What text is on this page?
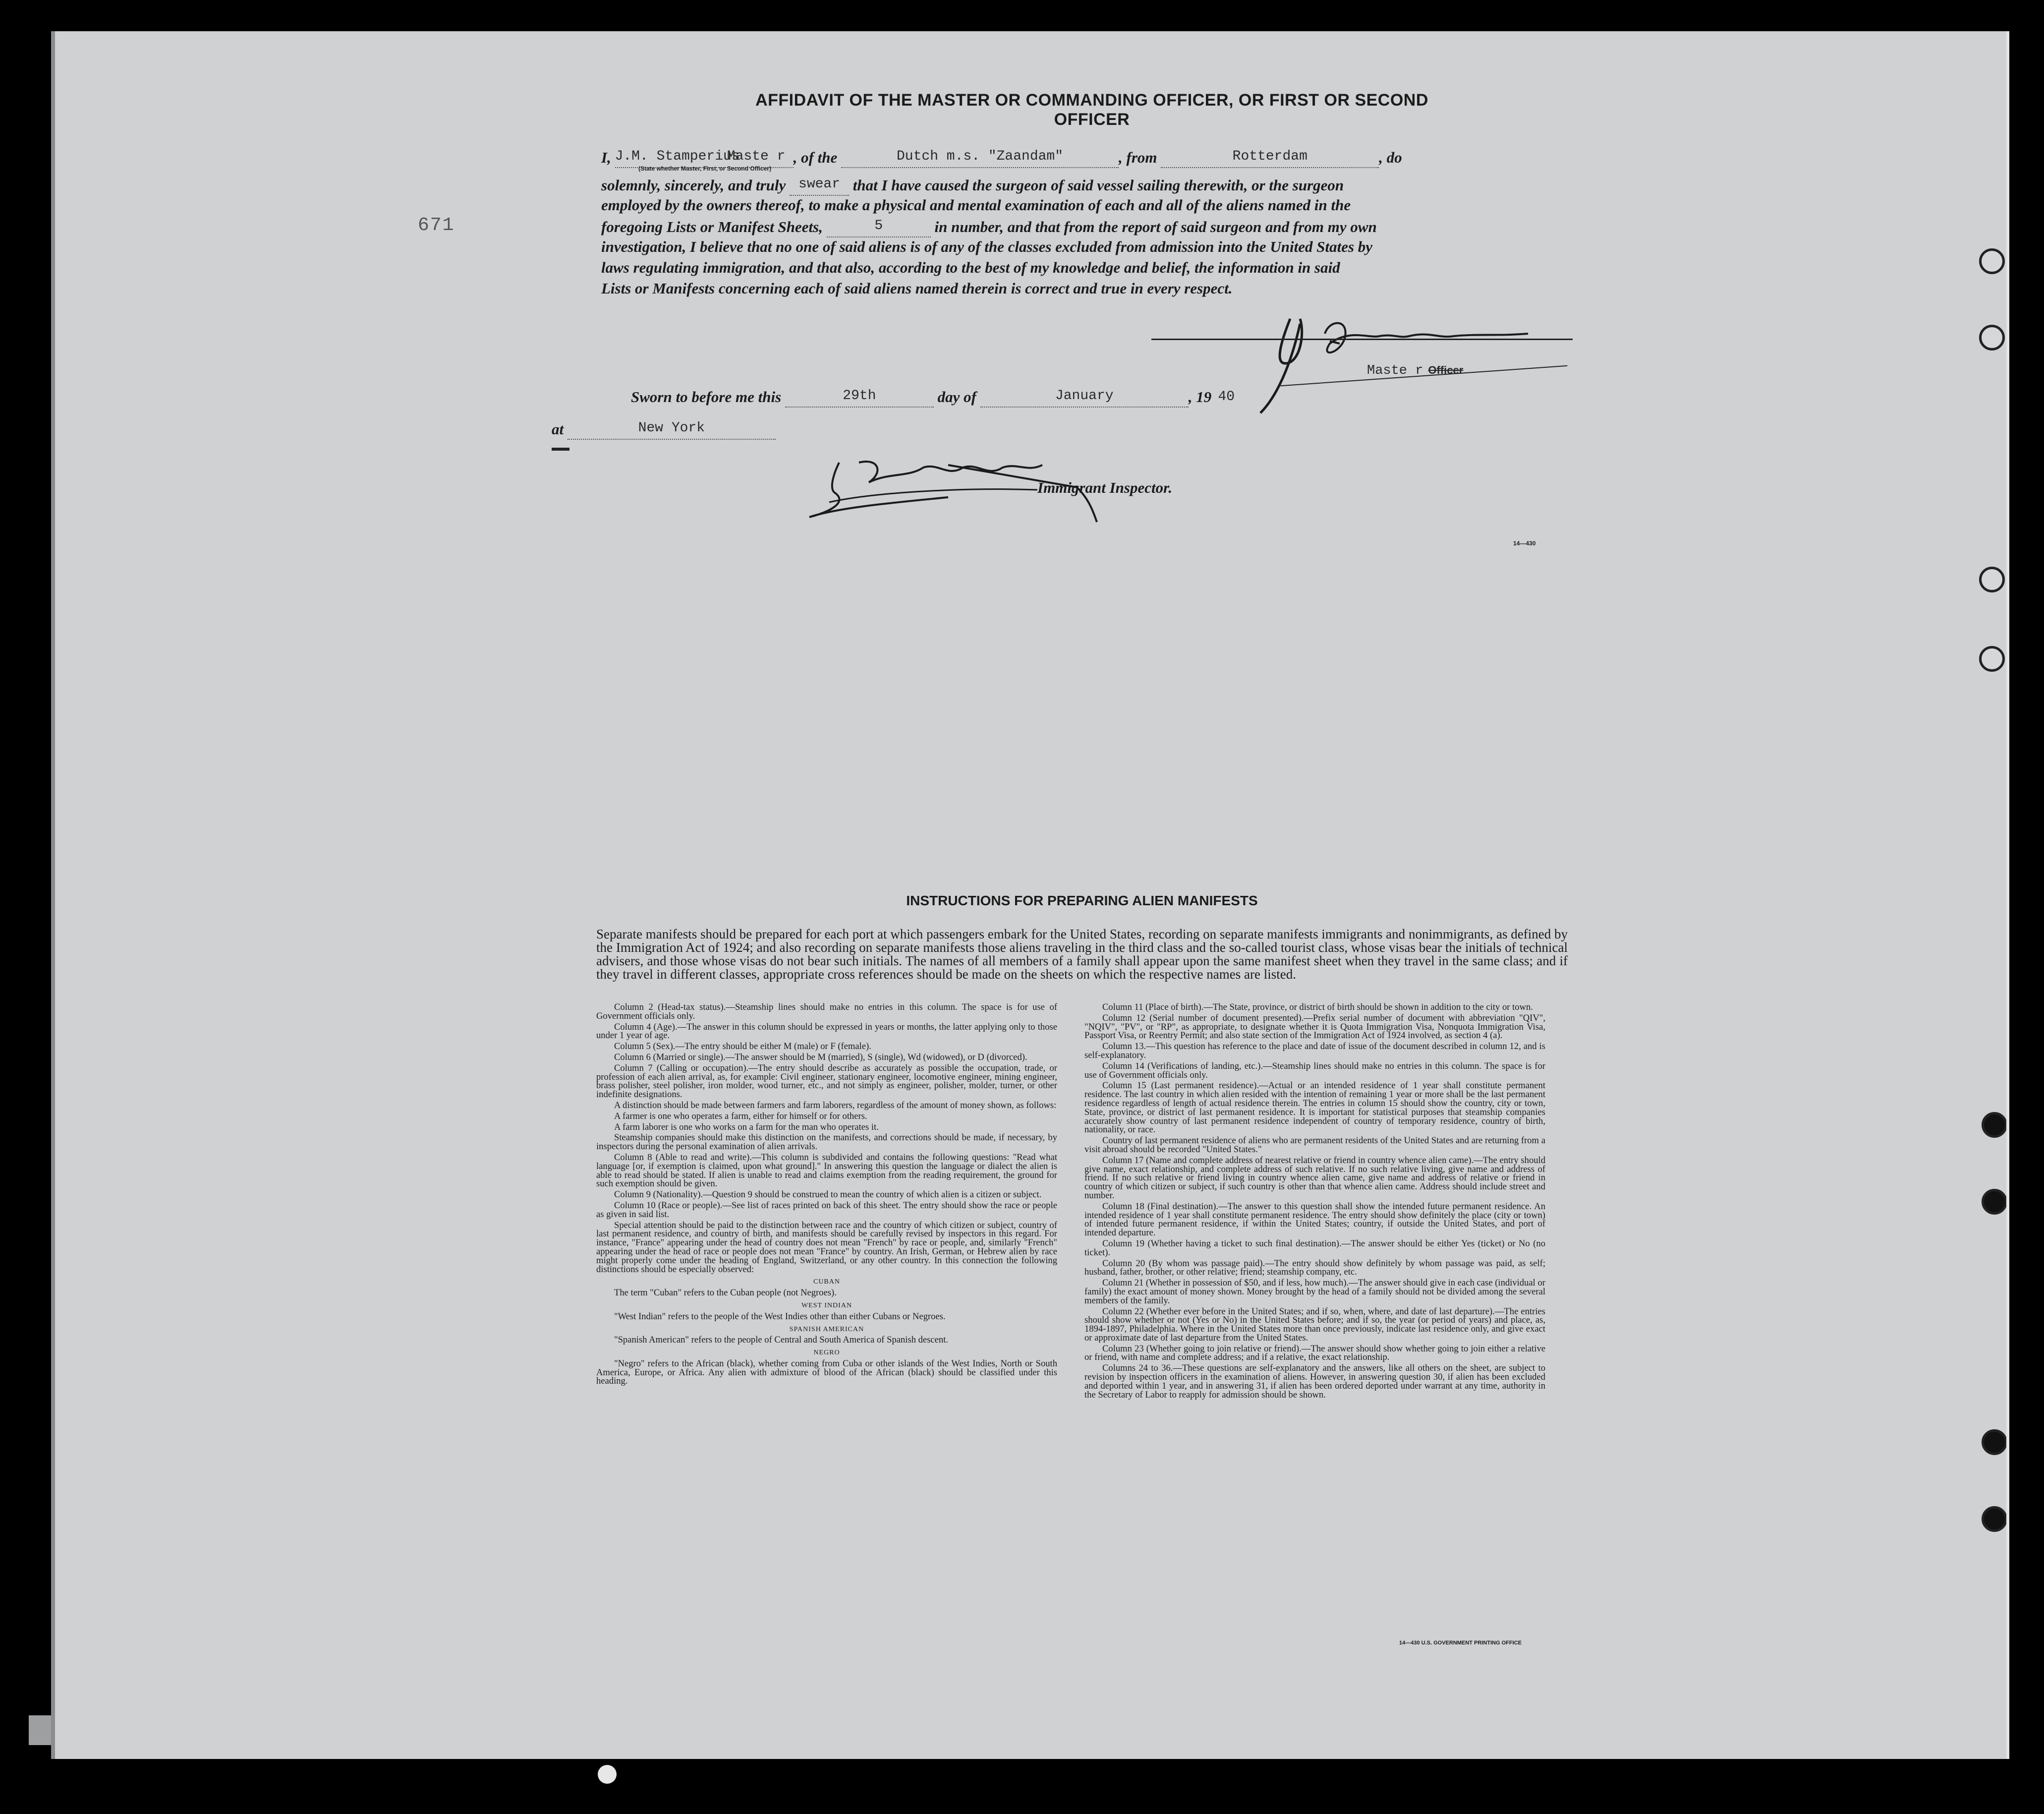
671
AFFIDAVIT OF THE MASTER OR COMMANDING OFFICER, OR FIRST OR SECOND OFFICER
I, J.M. StamperiusMaste r , of the	Dutch m.s. "Zaandam"	, from	Rotterdam	, do
(State whether Master, First, or Second Officer)
solemnly, sincerely, and truly swear that I have caused the surgeon of said vessel sailing therewith, or the surgeon
employed by the owners thereof, to make a physical and mental examination of each and all of the aliens named in the
foregoing Lists or Manifest Sheets,	5	in number, and that from the report of said surgeon and from my own
investigation, I believe that no one of said aliens is of any of the classes excluded from admission into the United States by
laws regulating immigration, and that also, according to the best of my knowledge and belief, the information in said
Lists or Manifests concerning each of said aliens named therein is correct and true in every respect.
Maste r Officer
Sworn to before me this	29th	day of	January	, 19 40
at	New York
Immigrant Inspector.
14—430
INSTRUCTIONS FOR PREPARING ALIEN MANIFESTS
Separate manifests should be prepared for each port at which passengers embark for the United States, recording on separate manifests immigrants and nonimmigrants, as defined by the Immigration Act of 1924; and also recording on separate manifests those aliens traveling in the third class and the so-called tourist class, whose visas bear the initials of technical advisers, and those whose visas do not bear such initials. The names of all members of a family shall appear upon the same manifest sheet when they travel in the same class; and if they travel in different classes, appropriate cross references should be made on the sheets on which the respective names are listed.

Column 2 (Head-tax status).—Steamship lines should make no entries in this column. The space is for use of Government officials only.

Column 4 (Age).—The answer in this column should be expressed in years or months, the latter applying only to those under 1 year of age.

Column 5 (Sex).—The entry should be either M (male) or F (female).

Column 6 (Married or single).—The answer should be M (married), S (single), Wd (widowed), or D (divorced).

Column 7 (Calling or occupation).—The entry should describe as accurately as possible the occupation, trade, or profession of each alien arrival, as, for example: Civil engineer, stationary engineer, locomotive engineer, mining engineer, brass polisher, steel polisher, iron molder, wood turner, etc., and not simply as engineer, polisher, molder, turner, or other indefinite designations.

A distinction should be made between farmers and farm laborers, regardless of the amount of money shown, as follows:

A farmer is one who operates a farm, either for himself or for others.

A farm laborer is one who works on a farm for the man who operates it.

Steamship companies should make this distinction on the manifests, and corrections should be made, if necessary, by inspectors during the personal examination of alien arrivals.

Column 8 (Able to read and write).—This column is subdivided and contains the following questions: "Read what language [or, if exemption is claimed, upon what ground]." In answering this question the language or dialect the alien is able to read should be stated. If alien is unable to read and claims exemption from the reading requirement, the ground for such exemption should be given.

Column 9 (Nationality).—Question 9 should be construed to mean the country of which alien is a citizen or subject.

Column 10 (Race or people).—See list of races printed on back of this sheet. The entry should show the race or people as given in said list.

Special attention should be paid to the distinction between race and the country of which citizen or subject, country of last permanent residence, and country of birth, and manifests should be carefully revised by inspectors in this regard. For instance, "France" appearing under the head of country does not mean "French" by race or people, and, similarly "French" appearing under the head of race or people does not mean "France" by country. An Irish, German, or Hebrew alien by race might properly come under the heading of England, Switzerland, or any other country. In this connection the following distinctions should be especially observed:

CUBAN

The term "Cuban" refers to the Cuban people (not Negroes).

WEST INDIAN

"West Indian" refers to the people of the West Indies other than either Cubans or Negroes.

SPANISH AMERICAN

"Spanish American" refers to the people of Central and South America of Spanish descent.

NEGRO

"Negro" refers to the African (black), whether coming from Cuba or other islands of the West Indies, North or South America, Europe, or Africa. Any alien with admixture of blood of the African (black) should be classified under this heading.

Column 11 (Place of birth).—The State, province, or district of birth should be shown in addition to the city or town.

Column 12 (Serial number of document presented).—Prefix serial number of document with abbreviation "QIV", "NQIV", "PV", or "RP", as appropriate, to designate whether it is Quota Immigration Visa, Nonquota Immigration Visa, Passport Visa, or Reentry Permit; and also state section of the Immigration Act of 1924 involved, as section 4 (a).

Column 13.—This question has reference to the place and date of issue of the document described in column 12, and is self-explanatory.

Column 14 (Verifications of landing, etc.).—Steamship lines should make no entries in this column. The space is for use of Government officials only.

Column 15 (Last permanent residence).—Actual or an intended residence of 1 year shall constitute permanent residence. The last country in which alien resided with the intention of remaining 1 year or more shall be the last permanent residence regardless of length of actual residence therein. The entries in column 15 should show the country, city or town, State, province, or district of last permanent residence. It is important for statistical purposes that steamship companies accurately show country of last permanent residence independent of country of temporary residence, country of birth, nationality, or race.

Country of last permanent residence of aliens who are permanent residents of the United States and are returning from a visit abroad should be recorded "United States."

Column 17 (Name and complete address of nearest relative or friend in country whence alien came).—The entry should give name, exact relationship, and complete address of such relative. If no such relative living, give name and address of friend. If no such relative or friend living in country whence alien came, give name and address of relative or friend in country of which citizen or subject, if such country is other than that whence alien came. Address should include street and number.

Column 18 (Final destination).—The answer to this question shall show the intended future permanent residence. An intended residence of 1 year shall constitute permanent residence. The entry should show definitely the place (city or town) of intended future permanent residence, if within the United States; country, if outside the United States, and port of intended departure.

Column 19 (Whether having a ticket to such final destination).—The answer should be either Yes (ticket) or No (no ticket).

Column 20 (By whom was passage paid).—The entry should show definitely by whom passage was paid, as self; husband, father, brother, or other relative; friend; steamship company, etc.

Column 21 (Whether in possession of $50, and if less, how much).—The answer should give in each case (individual or family) the exact amount of money shown. Money brought by the head of a family should not be divided among the several members of the family.

Column 22 (Whether ever before in the United States; and if so, when, where, and date of last departure).—The entries should show whether or not (Yes or No) in the United States before; and if so, the year (or period of years) and place, as, 1894-1897, Philadelphia. Where in the United States more than once previously, indicate last residence only, and give exact or approximate date of last departure from the United States.

Column 23 (Whether going to join relative or friend).—The answer should show whether going to join either a relative or friend, with name and complete address; and if a relative, the exact relationship.

Columns 24 to 36.—These questions are self-explanatory and the answers, like all others on the sheet, are subject to revision by inspection officers in the examination of aliens. However, in answering question 30, if alien has been excluded and deported within 1 year, and in answering 31, if alien has been ordered deported under warrant at any time, authority in the Secretary of Labor to reapply for admission should be shown.

14—430 U.S. GOVERNMENT PRINTING OFFICE
